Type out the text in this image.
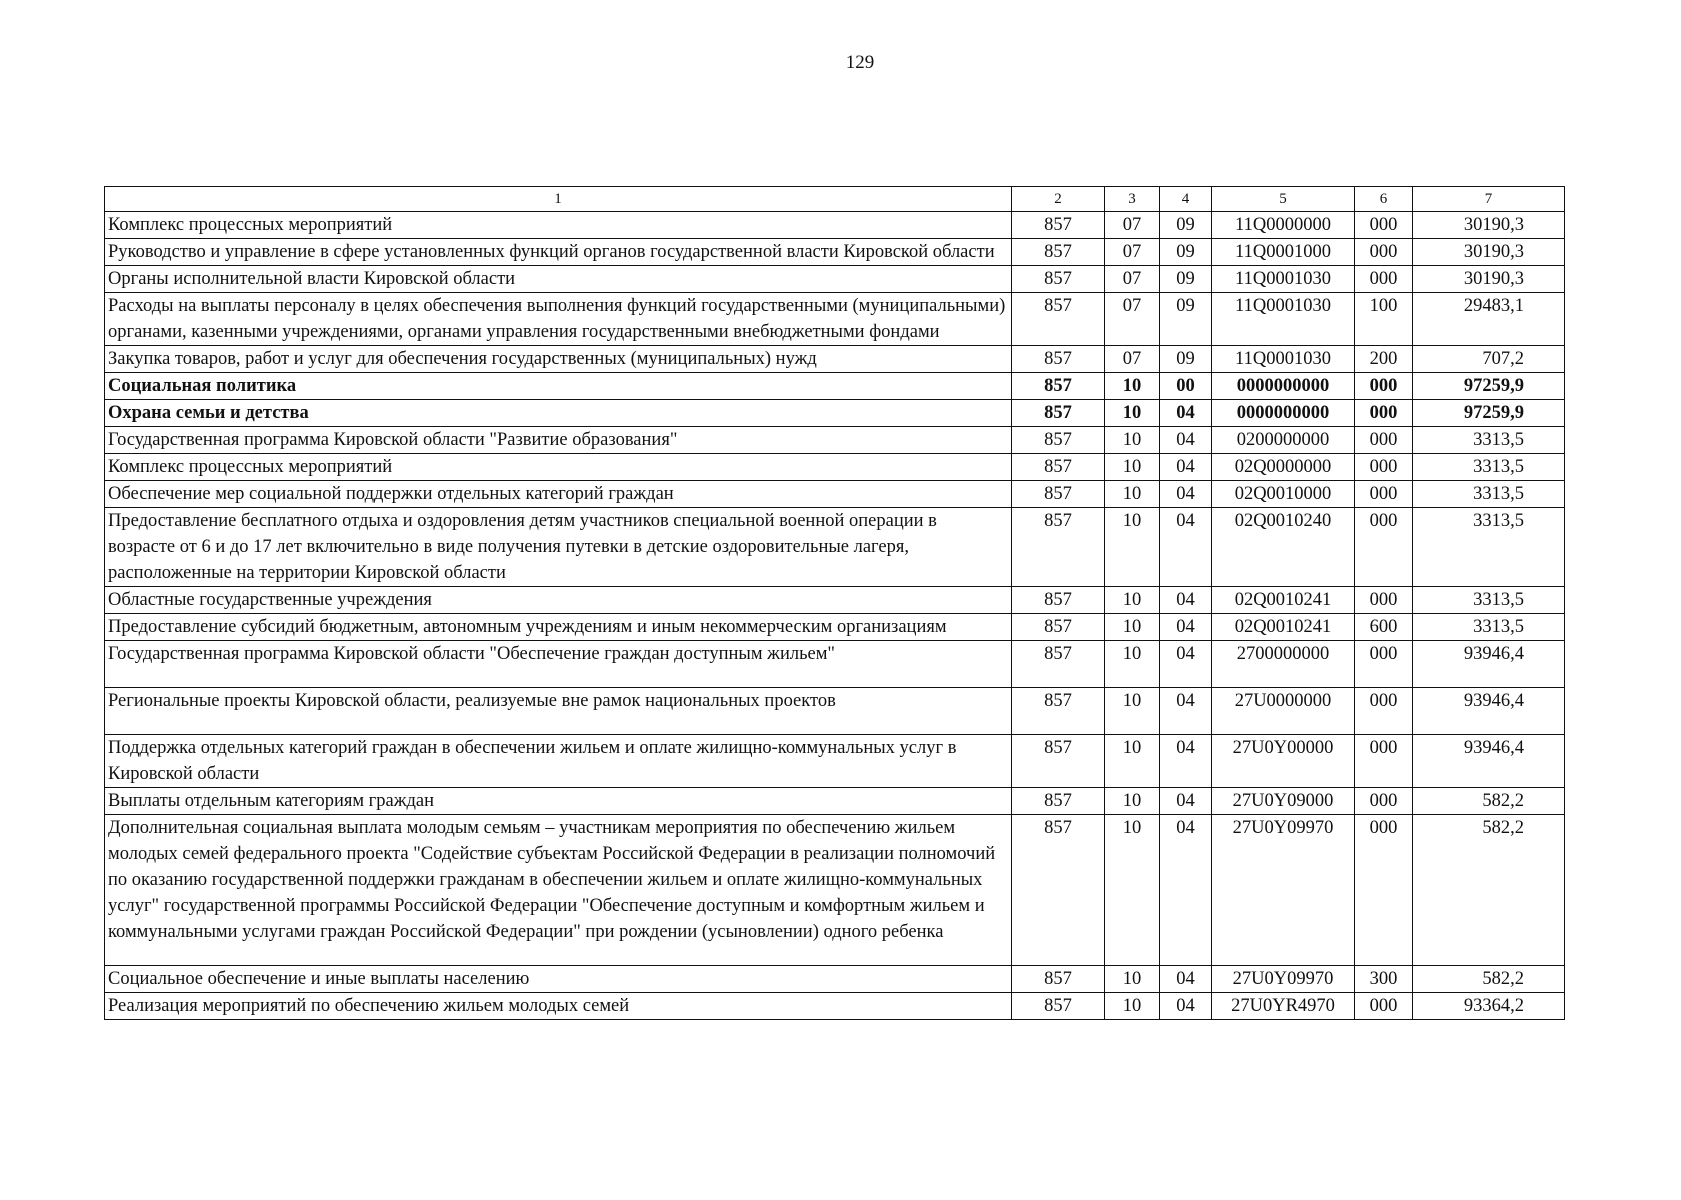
129
1	2	3	4	5	6	7
Комплекс процессных мероприятий	857	07	09	11Q0000000	000	30190,3
Руководство и управление в сфере установленных функций органов государственной власти Кировской области	857	07	09	11Q0001000	000	30190,3
Органы исполнительной власти Кировской области	857	07	09	11Q0001030	000	30190,3
Расходы на выплаты персоналу в целях обеспечения выполнения функций государственными (муниципальными) органами, казенными учреждениями, органами управления государственными внебюджетными фондами	857	07	09	11Q0001030	100	29483,1
Закупка товаров, работ и услуг для обеспечения государственных (муниципальных) нужд	857	07	09	11Q0001030	200	707,2
Социальная политика	857	10	00	0000000000	000	97259,9
Охрана семьи и детства	857	10	04	0000000000	000	97259,9
Государственная программа Кировской области "Развитие образования"	857	10	04	0200000000	000	3313,5
Комплекс процессных мероприятий	857	10	04	02Q0000000	000	3313,5
Обеспечение мер социальной поддержки отдельных категорий граждан	857	10	04	02Q0010000	000	3313,5
Предоставление бесплатного отдыха и оздоровления детям участников специальной военной операции в возрасте от 6 и до 17 лет включительно в виде получения путевки в детские оздоровительные лагеря, расположенные на территории Кировской области	857	10	04	02Q0010240	000	3313,5
Областные государственные учреждения	857	10	04	02Q0010241	000	3313,5
Предоставление субсидий бюджетным, автономным учреждениям и иным некоммерческим организациям	857	10	04	02Q0010241	600	3313,5
Государственная программа Кировской области "Обеспечение граждан доступным жильем"	857	10	04	2700000000	000	93946,4
Региональные проекты Кировской области, реализуемые вне рамок национальных проектов	857	10	04	27U0000000	000	93946,4
Поддержка отдельных категорий граждан в обеспечении жильем и оплате жилищно-коммунальных услуг в Кировской области	857	10	04	27U0Y00000	000	93946,4
Выплаты отдельным категориям граждан	857	10	04	27U0Y09000	000	582,2
Дополнительная социальная выплата молодым семьям – участникам мероприятия по обеспечению жильем молодых семей федерального проекта "Содействие субъектам Российской Федерации в реализации полномочий по оказанию государственной поддержки гражданам в обеспечении жильем и оплате жилищно-коммунальных услуг" государственной программы Российской Федерации "Обеспечение доступным и комфортным жильем и коммунальными услугами граждан Российской Федерации" при рождении (усыновлении) одного ребенка	857	10	04	27U0Y09970	000	582,2
Социальное обеспечение и иные выплаты населению	857	10	04	27U0Y09970	300	582,2
Реализация мероприятий по обеспечению жильем молодых семей	857	10	04	27U0YR4970	000	93364,2
